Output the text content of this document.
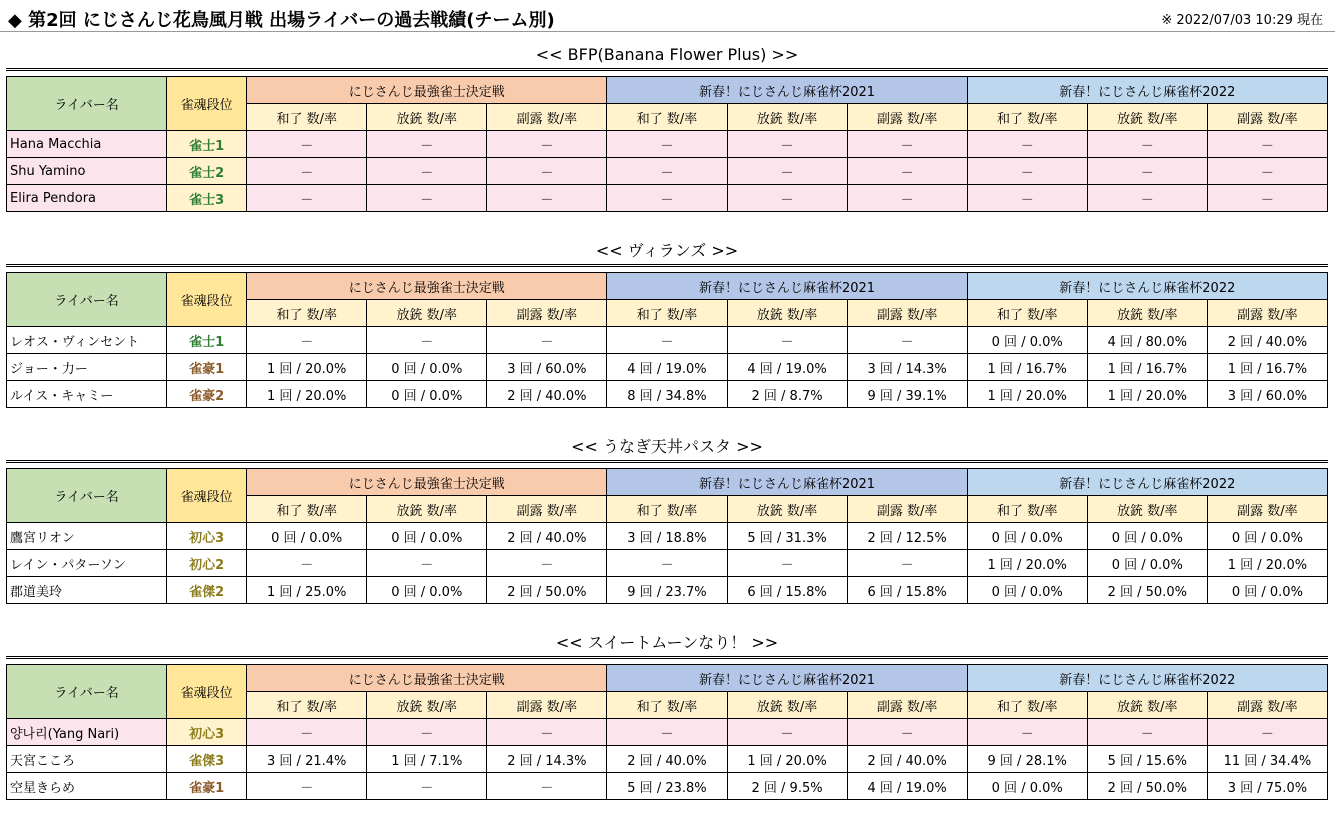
◆ 第2回 にじさんじ花鳥風月戦 出場ライバーの過去戦績(チーム別)	※ 2022/07/03 10:29 現在
<< BFP(Banana Flower Plus) >>
ライバー名	雀魂段位	にじさんじ最強雀士決定戦			新春！にじさんじ麻雀杯2021			新春！にじさんじ麻雀杯2022		
		和了 数/率	放銃 数/率	副露 数/率	和了 数/率	放銃 数/率	副露 数/率	和了 数/率	放銃 数/率	副露 数/率
Hana Macchia	雀士1	－	－	－	－	－	－	－	－	－
Shu Yamino	雀士2	－	－	－	－	－	－	－	－	－
Elira Pendora	雀士3	－	－	－	－	－	－	－	－	－
<< ヴィランズ >>
ライバー名	雀魂段位	にじさんじ最強雀士決定戦			新春！にじさんじ麻雀杯2021			新春！にじさんじ麻雀杯2022		
		和了 数/率	放銃 数/率	副露 数/率	和了 数/率	放銃 数/率	副露 数/率	和了 数/率	放銃 数/率	副露 数/率
レオス・ヴィンセント	雀士1	－	－	－	－	－	－	0 回 / 0.0%	4 回 / 80.0%	2 回 / 40.0%
ジョー・力ー	雀豪1	1 回 / 20.0%	0 回 / 0.0%	3 回 / 60.0%	4 回 / 19.0%	4 回 / 19.0%	3 回 / 14.3%	1 回 / 16.7%	1 回 / 16.7%	1 回 / 16.7%
ルイス・キャミー	雀豪2	1 回 / 20.0%	0 回 / 0.0%	2 回 / 40.0%	8 回 / 34.8%	2 回 / 8.7%	9 回 / 39.1%	1 回 / 20.0%	1 回 / 20.0%	3 回 / 60.0%
<< うなぎ天丼パスタ >>
ライバー名	雀魂段位	にじさんじ最強雀士決定戦			新春！にじさんじ麻雀杯2021			新春！にじさんじ麻雀杯2022		
		和了 数/率	放銃 数/率	副露 数/率	和了 数/率	放銃 数/率	副露 数/率	和了 数/率	放銃 数/率	副露 数/率
鷹宮リオン	初心3	0 回 / 0.0%	0 回 / 0.0%	2 回 / 40.0%	3 回 / 18.8%	5 回 / 31.3%	2 回 / 12.5%	0 回 / 0.0%	0 回 / 0.0%	0 回 / 0.0%
レイン・パターソン	初心2	－	－	－	－	－	－	1 回 / 20.0%	0 回 / 0.0%	1 回 / 20.0%
郡道美玲	雀傑2	1 回 / 25.0%	0 回 / 0.0%	2 回 / 50.0%	9 回 / 23.7%	6 回 / 15.8%	6 回 / 15.8%	0 回 / 0.0%	2 回 / 50.0%	0 回 / 0.0%
<< スイートムーンなり！ >>
ライバー名	雀魂段位	にじさんじ最強雀士決定戦			新春！にじさんじ麻雀杯2021			新春！にじさんじ麻雀杯2022		
		和了 数/率	放銃 数/率	副露 数/率	和了 数/率	放銃 数/率	副露 数/率	和了 数/率	放銃 数/率	副露 数/率
양나리(Yang Nari)	初心3	－	－	－	－	－	－	－	－	－
天宮こころ	雀傑3	3 回 / 21.4%	1 回 / 7.1%	2 回 / 14.3%	2 回 / 40.0%	1 回 / 20.0%	2 回 / 40.0%	9 回 / 28.1%	5 回 / 15.6%	11 回 / 34.4%
空星きらめ	雀豪1	－	－	－	5 回 / 23.8%	2 回 / 9.5%	4 回 / 19.0%	0 回 / 0.0%	2 回 / 50.0%	3 回 / 75.0%
